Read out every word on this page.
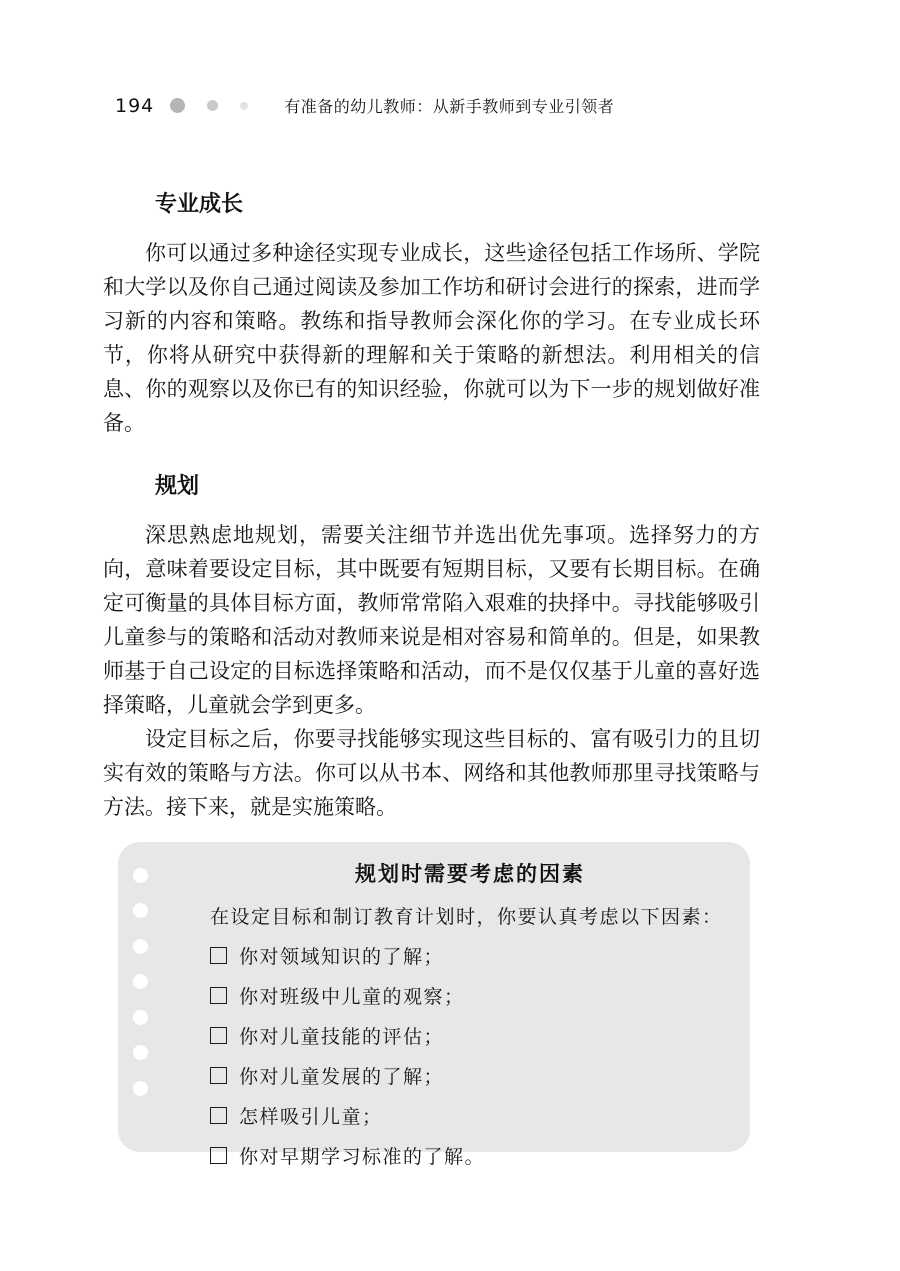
194	有准备的幼儿教师：从新手教师到专业引领者
专业成长

你可以通过多种途径实现专业成长，这些途径包括工作场所、学院和大学以及你自己通过阅读及参加工作坊和研讨会进行的探索，进而学习新的内容和策略。教练和指导教师会深化你的学习。在专业成长环节，你将从研究中获得新的理解和关于策略的新想法。利用相关的信息、你的观察以及你已有的知识经验，你就可以为下一步的规划做好准备。

规划

深思熟虑地规划，需要关注细节并选出优先事项。选择努力的方向，意味着要设定目标，其中既要有短期目标，又要有长期目标。在确定可衡量的具体目标方面，教师常常陷入艰难的抉择中。寻找能够吸引儿童参与的策略和活动对教师来说是相对容易和简单的。但是，如果教师基于自己设定的目标选择策略和活动，而不是仅仅基于儿童的喜好选择策略，儿童就会学到更多。

设定目标之后，你要寻找能够实现这些目标的、富有吸引力的且切实有效的策略与方法。你可以从书本、网络和其他教师那里寻找策略与方法。接下来，就是实施策略。

规划时需要考虑的因素

在设定目标和制订教育计划时，你要认真考虑以下因素：

你对领域知识的了解；
你对班级中儿童的观察；
你对儿童技能的评估；
你对儿童发展的了解；
怎样吸引儿童；
你对早期学习标准的了解。
